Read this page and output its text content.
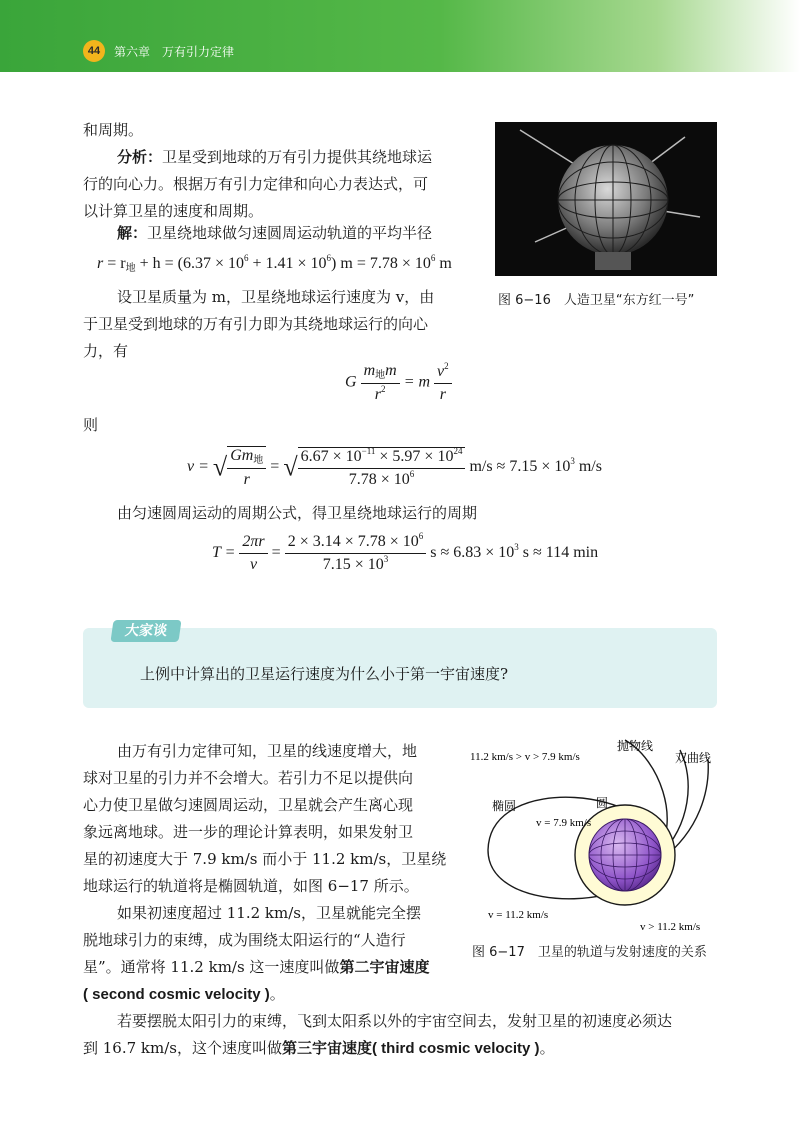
44	第六章　万有引力定律

和周期。

分析：卫星受到地球的万有引力提供其绕地球运

行的向心力。根据万有引力定律和向心力表达式，可

以计算卫星的速度和周期。

解：卫星绕地球做匀速圆周运动轨道的平均半径

$r = r_地 + h = (6.37 \times 10^6 + 1.41 \times 10^6) m = 7.78 \times 10^6$ m

设卫星质量为 m，卫星绕地球运行速度为 v，由

于卫星受到地球的万有引力即为其绕地球运行的向心

力，有

G $\frac{m_地m}{r^2} = m \frac{v^2}{r}$

则

v = √ $\frac{Gm_地}{r}$ = √ $\frac{6.67 \times 10^{-11} \times 5.97 \times 10^{24}}{7.78 \times 10^6} m/s \approx 7.15 \times 10^3$ m/s

由匀速圆周运动的周期公式，得卫星绕地球运行的周期

$T = \frac{2\pi r}{v} = \frac{2 \times 3.14 \times 7.78 \times 10^6}{7.15 \times 10^3}$ $s \approx 6.83 \times 10^3$ s ≈ 114 min
图 6−16　人造卫星“东方红一号”
大家谈

上例中计算出的卫星运行速度为什么小于第一宇宙速度?

由万有引力定律可知，卫星的线速度增大，地

球对卫星的引力并不会增大。若引力不足以提供向

心力使卫星做匀速圆周运动，卫星就会产生离心现

象远离地球。进一步的理论计算表明，如果发射卫

星的初速度大于 7.9 km/s 而小于 11.2 km/s，卫星绕

地球运行的轨道将是椭圆轨道，如图 6−17 所示。

如果初速度超过 11.2 km/s，卫星就能完全摆

脱地球引力的束缚，成为围绕太阳运行的“人造行

星”。通常将 11.2 km/s 这一速度叫做第二宇宙速度

( second cosmic velocity )。

若要摆脱太阳引力的束缚，飞到太阳系以外的宇宙空间去，发射卫星的初速度必须达

到 16.7 km/s，这个速度叫做第三宇宙速度( third cosmic velocity )。

抛物线
双曲线
11.2 km/s > v > 7.9 km/s
椭圆	圆
v = 7.9 km/s
v = 11.2 km/s
v > 11.2 km/s
图 6−17　卫星的轨道与发射速度的关系
